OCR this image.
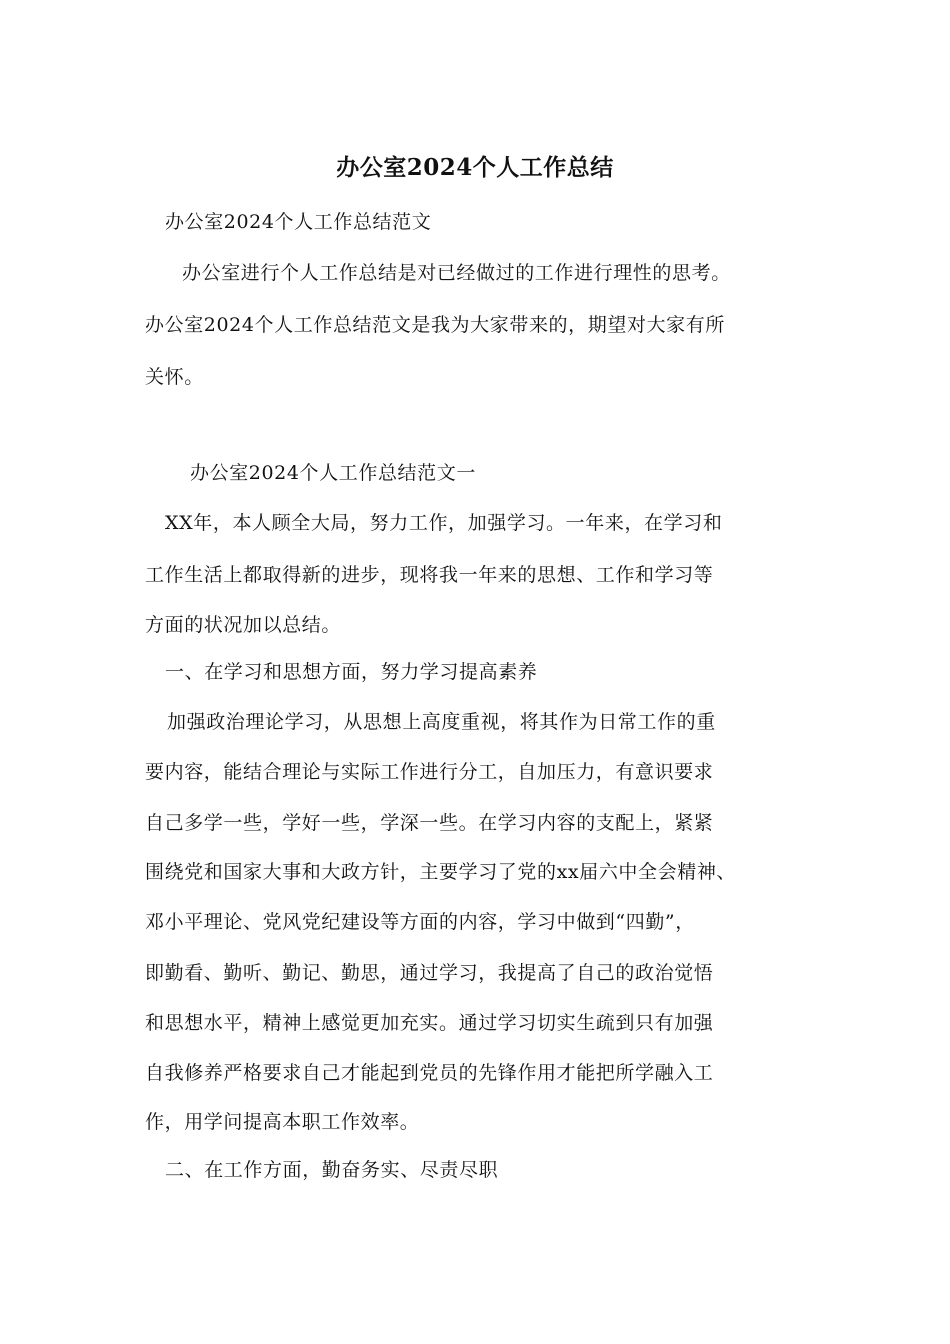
办公室2024个人工作总结
办公室2024个人工作总结范文
办公室进行个人工作总结是对已经做过的工作进行理性的思考。
办公室2024个人工作总结范文是我为大家带来的，期望对大家有所
关怀。
办公室2024个人工作总结范文一
XX年，本人顾全大局，努力工作，加强学习。一年来，在学习和
工作生活上都取得新的进步，现将我一年来的思想、工作和学习等
方面的状况加以总结。
一、在学习和思想方面，努力学习提高素养
加强政治理论学习，从思想上高度重视，将其作为日常工作的重
要内容，能结合理论与实际工作进行分工，自加压力，有意识要求
自己多学一些，学好一些，学深一些。在学习内容的支配上，紧紧
围绕党和国家大事和大政方针，主要学习了党的xx届六中全会精神、
邓小平理论、党风党纪建设等方面的内容，学习中做到“四勤”，
即勤看、勤听、勤记、勤思，通过学习，我提高了自己的政治觉悟
和思想水平，精神上感觉更加充实。通过学习切实生疏到只有加强
自我修养严格要求自己才能起到党员的先锋作用才能把所学融入工
作，用学问提高本职工作效率。
二、在工作方面，勤奋务实、尽责尽职
